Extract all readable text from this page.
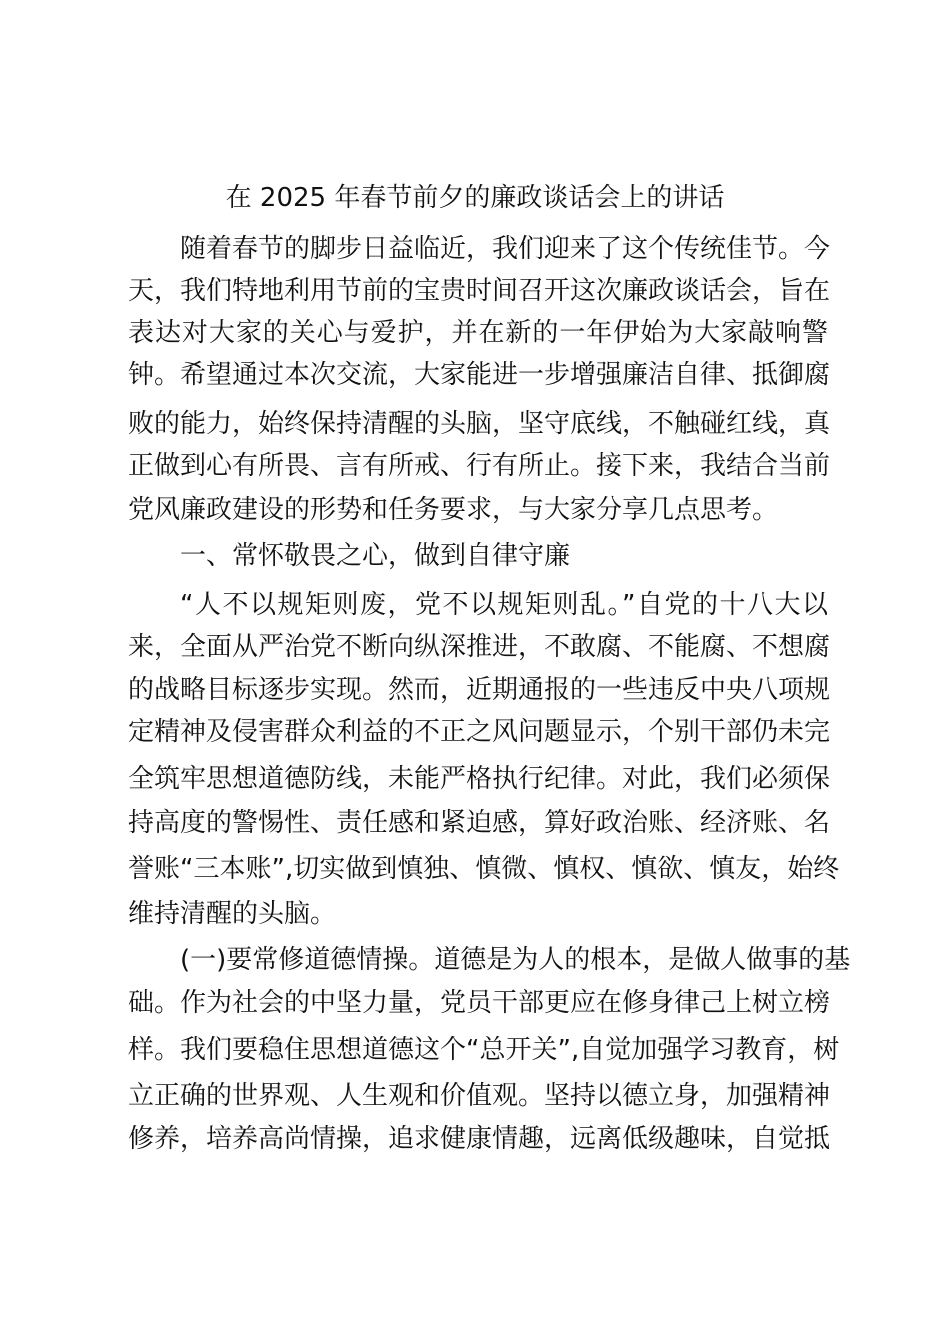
在 2025 年春节前夕的廉政谈话会上的讲话
随着春节的脚步日益临近，我们迎来了这个传统佳节。今
天，我们特地利用节前的宝贵时间召开这次廉政谈话会，旨在
表达对大家的关心与爱护，并在新的一年伊始为大家敲响警
钟。希望通过本次交流，大家能进一步增强廉洁自律、抵御腐
败的能力，始终保持清醒的头脑，坚守底线，不触碰红线，真
正做到心有所畏、言有所戒、行有所止。接下来，我结合当前
党风廉政建设的形势和任务要求，与大家分享几点思考。
一、常怀敬畏之心，做到自律守廉
“人不以规矩则废，党不以规矩则乱。”自党的十八大以
来，全面从严治党不断向纵深推进，不敢腐、不能腐、不想腐
的战略目标逐步实现。然而，近期通报的一些违反中央八项规
定精神及侵害群众利益的不正之风问题显示，个别干部仍未完
全筑牢思想道德防线，未能严格执行纪律。对此，我们必须保
持高度的警惕性、责任感和紧迫感，算好政治账、经济账、名
誉账“三本账”,切实做到慎独、慎微、慎权、慎欲、慎友，始终
维持清醒的头脑。
(一)要常修道德情操。道德是为人的根本，是做人做事的基
础。作为社会的中坚力量，党员干部更应在修身律己上树立榜
样。我们要稳住思想道德这个“总开关”,自觉加强学习教育，树
立正确的世界观、人生观和价值观。坚持以德立身，加强精神
修养，培养高尚情操，追求健康情趣，远离低级趣味，自觉抵
